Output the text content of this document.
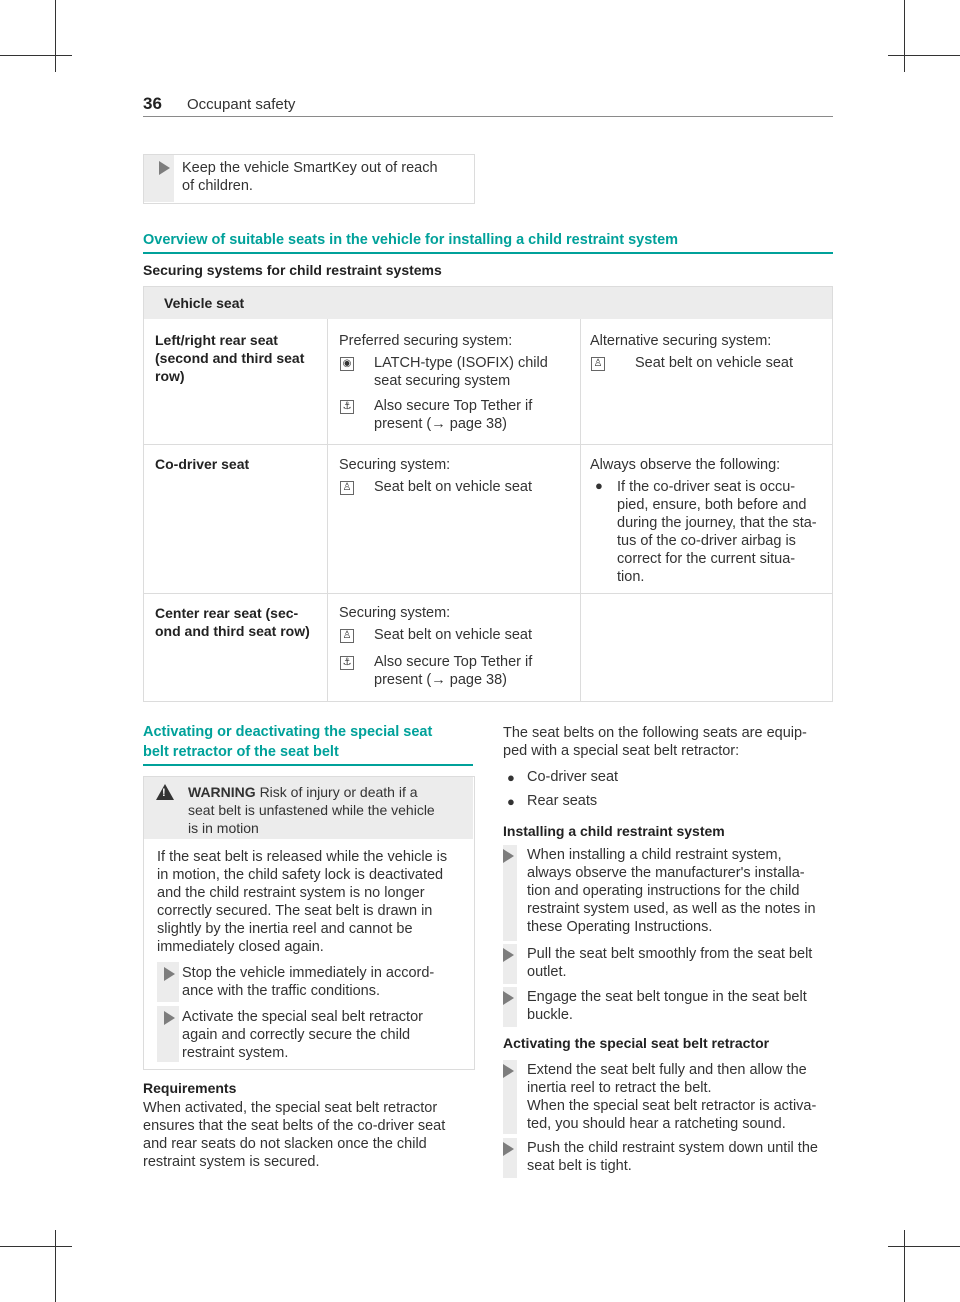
36 Occupant safety
Keep the vehicle SmartKey out of reach
of children.
Overview of suitable seats in the vehicle for installing a child restraint system
Securing systems for child restraint systems
Vehicle seat
Left/right rear seat
(second and third seat
row)
Preferred securing system:
◉ LATCH-type (ISOFIX) child
seat securing system
⚓ Also secure Top Tether if
present (→ page 38)
Alternative securing system:
♙ Seat belt on vehicle seat
Co-driver seat	Securing system:
♙ Seat belt on vehicle seat
Always observe the following:
● If the co-driver seat is occu-
pied, ensure, both before and
during the journey, that the sta-
tus of the co-driver airbag is
correct for the current situa-
tion.
Center rear seat (sec-
ond and third seat row)
Securing system:
♙ Seat belt on vehicle seat
⚓ Also secure Top Tether if
present (→ page 38)
Activating or deactivating the special seat
belt retractor of the seat belt
! WARNING Risk of injury or death if a
seat belt is unfastened while the vehicle
is in motion
If the seat belt is released while the vehicle is
in motion, the child safety lock is deactivated
and the child restraint system is no longer
correctly secured. The seat belt is drawn in
slightly by the inertia reel and cannot be
immediately closed again.
Stop the vehicle immediately in accord-
ance with the traffic conditions.
Activate the special seal belt retractor
again and correctly secure the child
restraint system.
Requirements
When activated, the special seat belt retractor
ensures that the seat belts of the co-driver seat
and rear seats do not slacken once the child
restraint system is secured.
The seat belts on the following seats are equip-
ped with a special seat belt retractor:
● Co-driver seat
● Rear seats
Installing a child restraint system
When installing a child restraint system,
always observe the manufacturer's installa-
tion and operating instructions for the child
restraint system used, as well as the notes in
these Operating Instructions.
Pull the seat belt smoothly from the seat belt
outlet.
Engage the seat belt tongue in the seat belt
buckle.
Activating the special seat belt retractor
Extend the seat belt fully and then allow the
inertia reel to retract the belt.
When the special seat belt retractor is activa-
ted, you should hear a ratcheting sound.
Push the child restraint system down until the
seat belt is tight.
